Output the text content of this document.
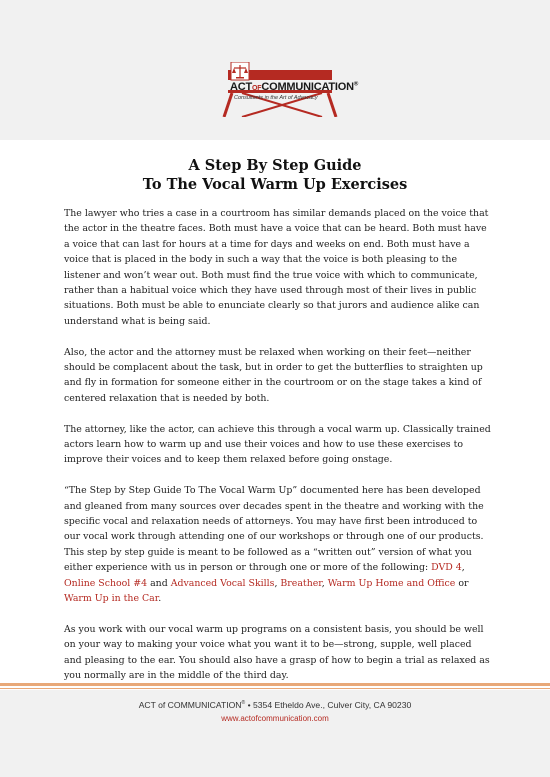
ACTOFCOMMUNICATION®
Consultants in the Art of Advocacy
A Step By Step Guide
To The Vocal Warm Up Exercises

The lawyer who tries a case in a courtroom has similar demands placed on the voice that the actor in the theatre faces. Both must have a voice that can be heard. Both must have a voice that can last for hours at a time for days and weeks on end. Both must have a voice that is placed in the body in such a way that the voice is both pleasing to the listener and won’t wear out. Both must find the true voice with which to communicate, rather than a habitual voice which they have used through most of their lives in public situations. Both must be able to enunciate clearly so that jurors and audience alike can understand what is being said.

Also, the actor and the attorney must be relaxed when working on their feet—neither should be complacent about the task, but in order to get the butterflies to straighten up and fly in formation for someone either in the courtroom or on the stage takes a kind of centered relaxation that is needed by both.

The attorney, like the actor, can achieve this through a vocal warm up. Classically trained actors learn how to warm up and use their voices and how to use these exercises to improve their voices and to keep them relaxed before going onstage.

“The Step by Step Guide To The Vocal Warm Up” documented here has been developed and gleaned from many sources over decades spent in the theatre and working with the specific vocal and relaxation needs of attorneys. You may have first been introduced to our vocal work through attending one of our workshops or through one of our products. This step by step guide is meant to be followed as a “written out” version of what you either experience with us in person or through one or more of the following: DVD 4, Online School #4 and Advanced Vocal Skills, Breather, Warm Up Home and Office or Warm Up in the Car.

As you work with our vocal warm up programs on a consistent basis, you should be well on your way to making your voice what you want it to be—strong, supple, well placed and pleasing to the ear. You should also have a grasp of how to begin a trial as relaxed as you normally are in the middle of the third day.

ACT of COMMUNICATION® • 5354 Etheldo Ave., Culver City, CA 90230
www.actofcommunication.com
